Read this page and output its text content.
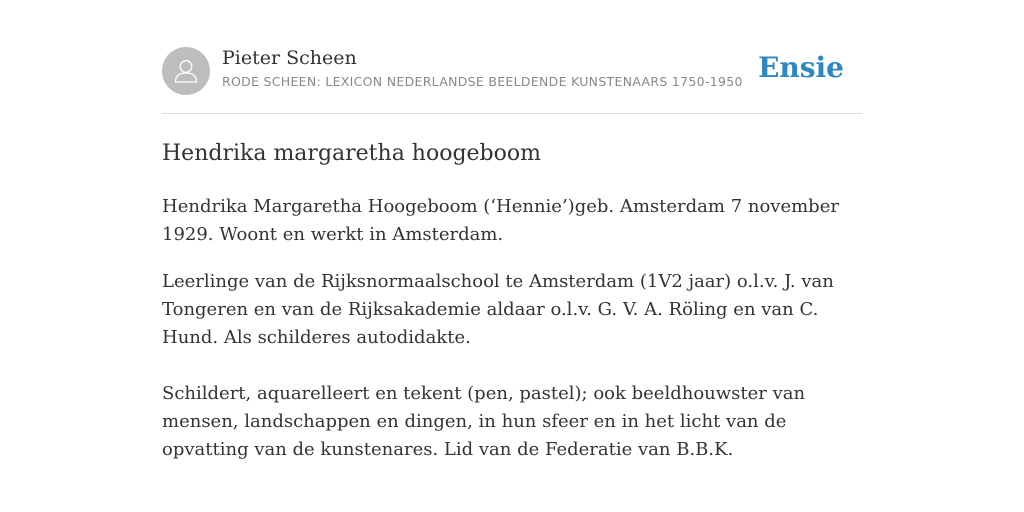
Pieter Scheen
RODE SCHEEN: LEXICON NEDERLANDSE BEELDENDE KUNSTENAARS 1750-1950 Ensie
Hendrika margaretha hoogeboom

Hendrika Margaretha Hoogeboom (‘Hennie’)geb. Amsterdam 7 november 1929. Woont en werkt in Amsterdam.

Leerlinge van de Rijksnormaalschool te Amsterdam (1V2 jaar) o.l.v. J. van Tongeren en van de Rijksakademie aldaar o.l.v. G. V. A. Röling en van C. Hund. Als schilderes autodidakte.

Schildert, aquarelleert en tekent (pen, pastel); ook beeldhouwster van mensen, landschappen en dingen, in hun sfeer en in het licht van de opvatting van de kunstenares. Lid van de Federatie van B.B.K.
